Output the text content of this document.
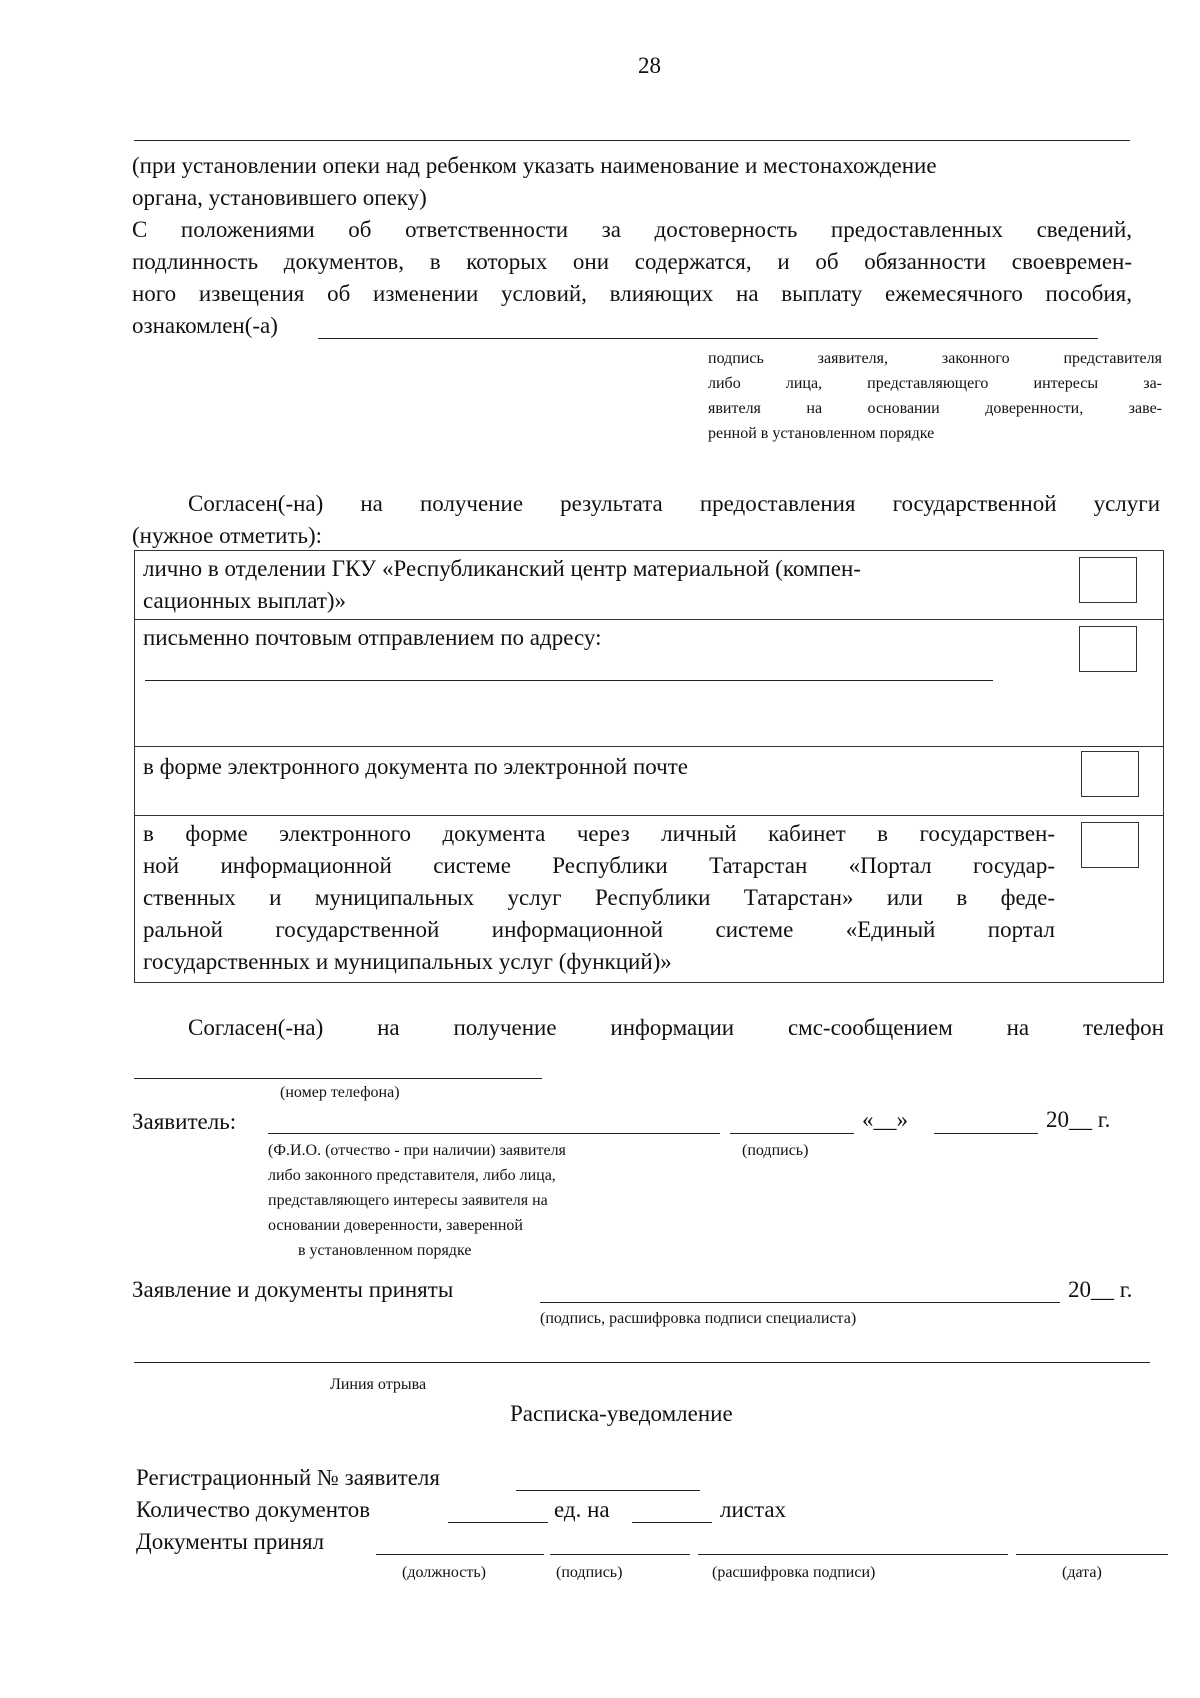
28
(при установлении опеки над ребенком указать наименование и местонахождение
органа, установившего опеку)
С положениями об ответственности за достоверность предоставленных сведений,
подлинность документов, в которых они содержатся, и об обязанности своевремен-
ного извещения об изменении условий, влияющих на выплату ежемесячного пособия,
ознакомлен(-а)
подпись заявителя, законного представителя
либо лица, представляющего интересы за-
явителя на основании доверенности, заве-
ренной в установленном порядке
Согласен(-на) на получение результата предоставления государственной услуги
(нужное отметить):
лично в отделении ГКУ «Республиканский центр материальной (компен-
сационных выплат)»
письменно почтовым отправлением по адресу:
в форме электронного документа по электронной почте
в форме электронного документа через личный кабинет в государствен-
ной информационной системе Республики Татарстан «Портал государ-
ственных и муниципальных услуг Республики Татарстан» или в феде-
ральной государственной информационной системе «Единый портал
государственных и муниципальных услуг (функций)»
Согласен(-на) на получение информации смс-сообщением на телефон
(номер телефона)
Заявитель:	«__»	20__ г.
(Ф.И.О. (отчество - при наличии) заявителя
либо законного представителя, либо лица,
представляющего интересы заявителя на
основании доверенности, заверенной
в установленном порядке
(подпись)
Заявление и документы приняты	20__ г.
(подпись, расшифровка подписи специалиста)
Линия отрыва
Расписка-уведомление
Регистрационный № заявителя
Количество документов	ед. на	листах
Документы принял
(должность)	(подпись)	(расшифровка подписи)	(дата)
